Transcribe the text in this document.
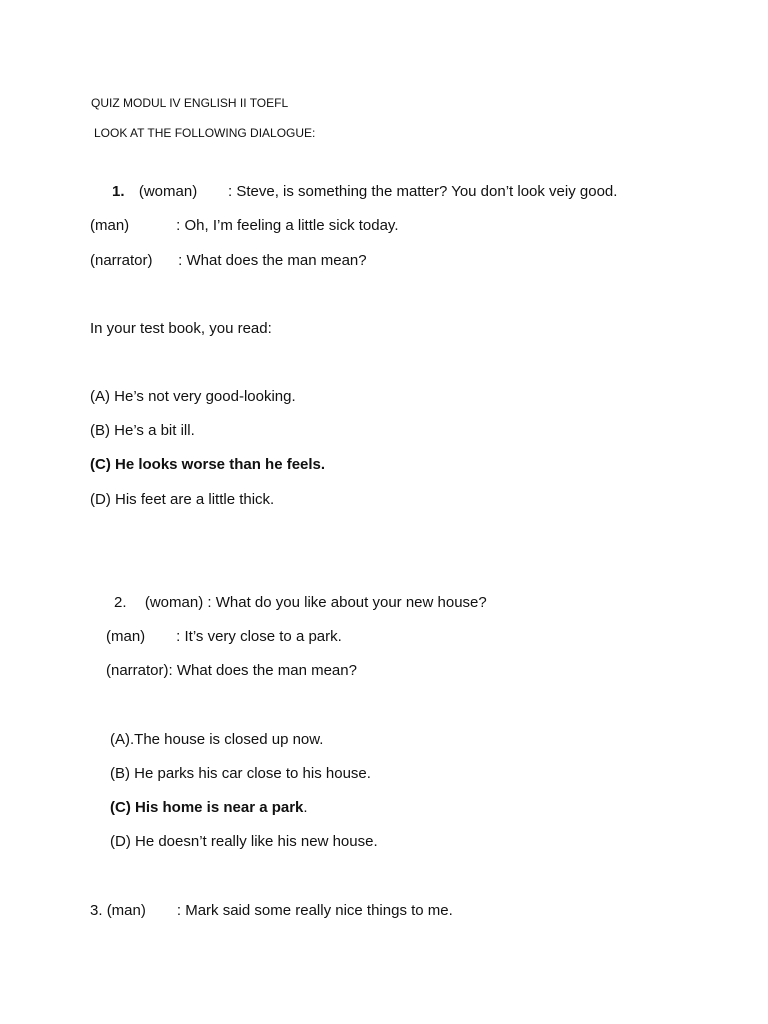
QUIZ MODUL IV ENGLISH II TOEFL
LOOK AT THE FOLLOWING DIALOGUE:
1. (woman) : Steve, is something the matter? You don’t look veiy good.
(man)	: Oh, I’m feeling a little sick today.
(narrator) : What does the man mean?
In your test book, you read:
(A) He’s not very good-looking.
(B) He’s a bit ill.
(C) He looks worse than he feels.
(D) His feet are a little thick.
2. (woman) : What do you like about your new house?
(man) : It’s very close to a park.
(narrator): What does the man mean?
(A).The house is closed up now.
(B) He parks his car close to his house.
(C) His home is near a park.
(D) He doesn’t really like his new house.
3. (man) : Mark said some really nice things to me.
